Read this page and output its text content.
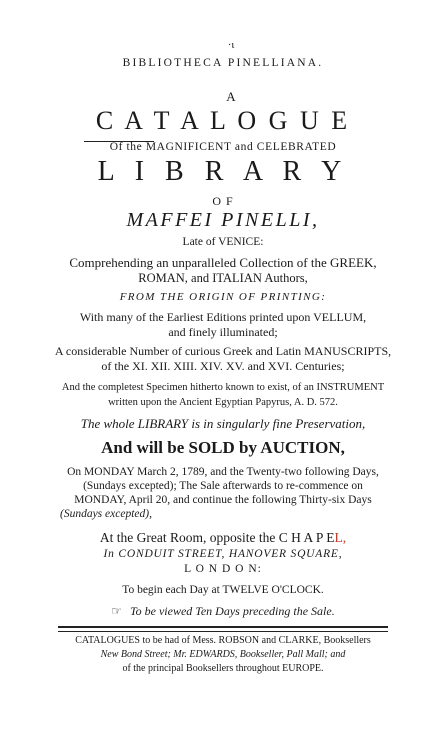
·ɩ
BIBLIOTHECA PINELLIANA.
A
C A T A L O G U E
Of the MAGNIFICENT and CELEBRATED
L I B R A R Y
O F
MAFFEI PINELLI,
Late of VENICE:
Comprehending an unparalleled Collection of the GREEK,
ROMAN, and ITALIAN Authors,
FROM THE ORIGIN OF PRINTING:
With many of the Earliest Editions printed upon VELLUM,
and finely illuminated;
A considerable Number of curious Greek and Latin MANUSCRIPTS,
of the XI. XII. XIII. XIV. XV. and XVI. Centuries;
And the completest Specimen hitherto known to exist, of an INSTRUMENT
written upon the Ancient Egyptian Papyrus, A. D. 572.
The whole LIBRARY is in singularly fine Preservation,
And will be SOLD by AUCTION,
On MONDAY March 2, 1789, and the Twenty-two following Days,
(Sundays excepted); The Sale afterwards to re-commence on
MONDAY, April 20, and continue the following Thirty-six Days
(Sundays excepted),
At the Great Room, opposite the C H A P EL,
In CONDUIT STREET, HANOVER SQUARE,
L O N D O N:
To begin each Day at TWELVE O'CLOCK.
☞ To be viewed Ten Days preceding the Sale.
CATALOGUES to be had of Mess. ROBSON and CLARKE, Booksellers
New Bond Street; Mr. EDWARDS, Bookseller, Pall Mall; and
of the principal Booksellers throughout EUROPE.
